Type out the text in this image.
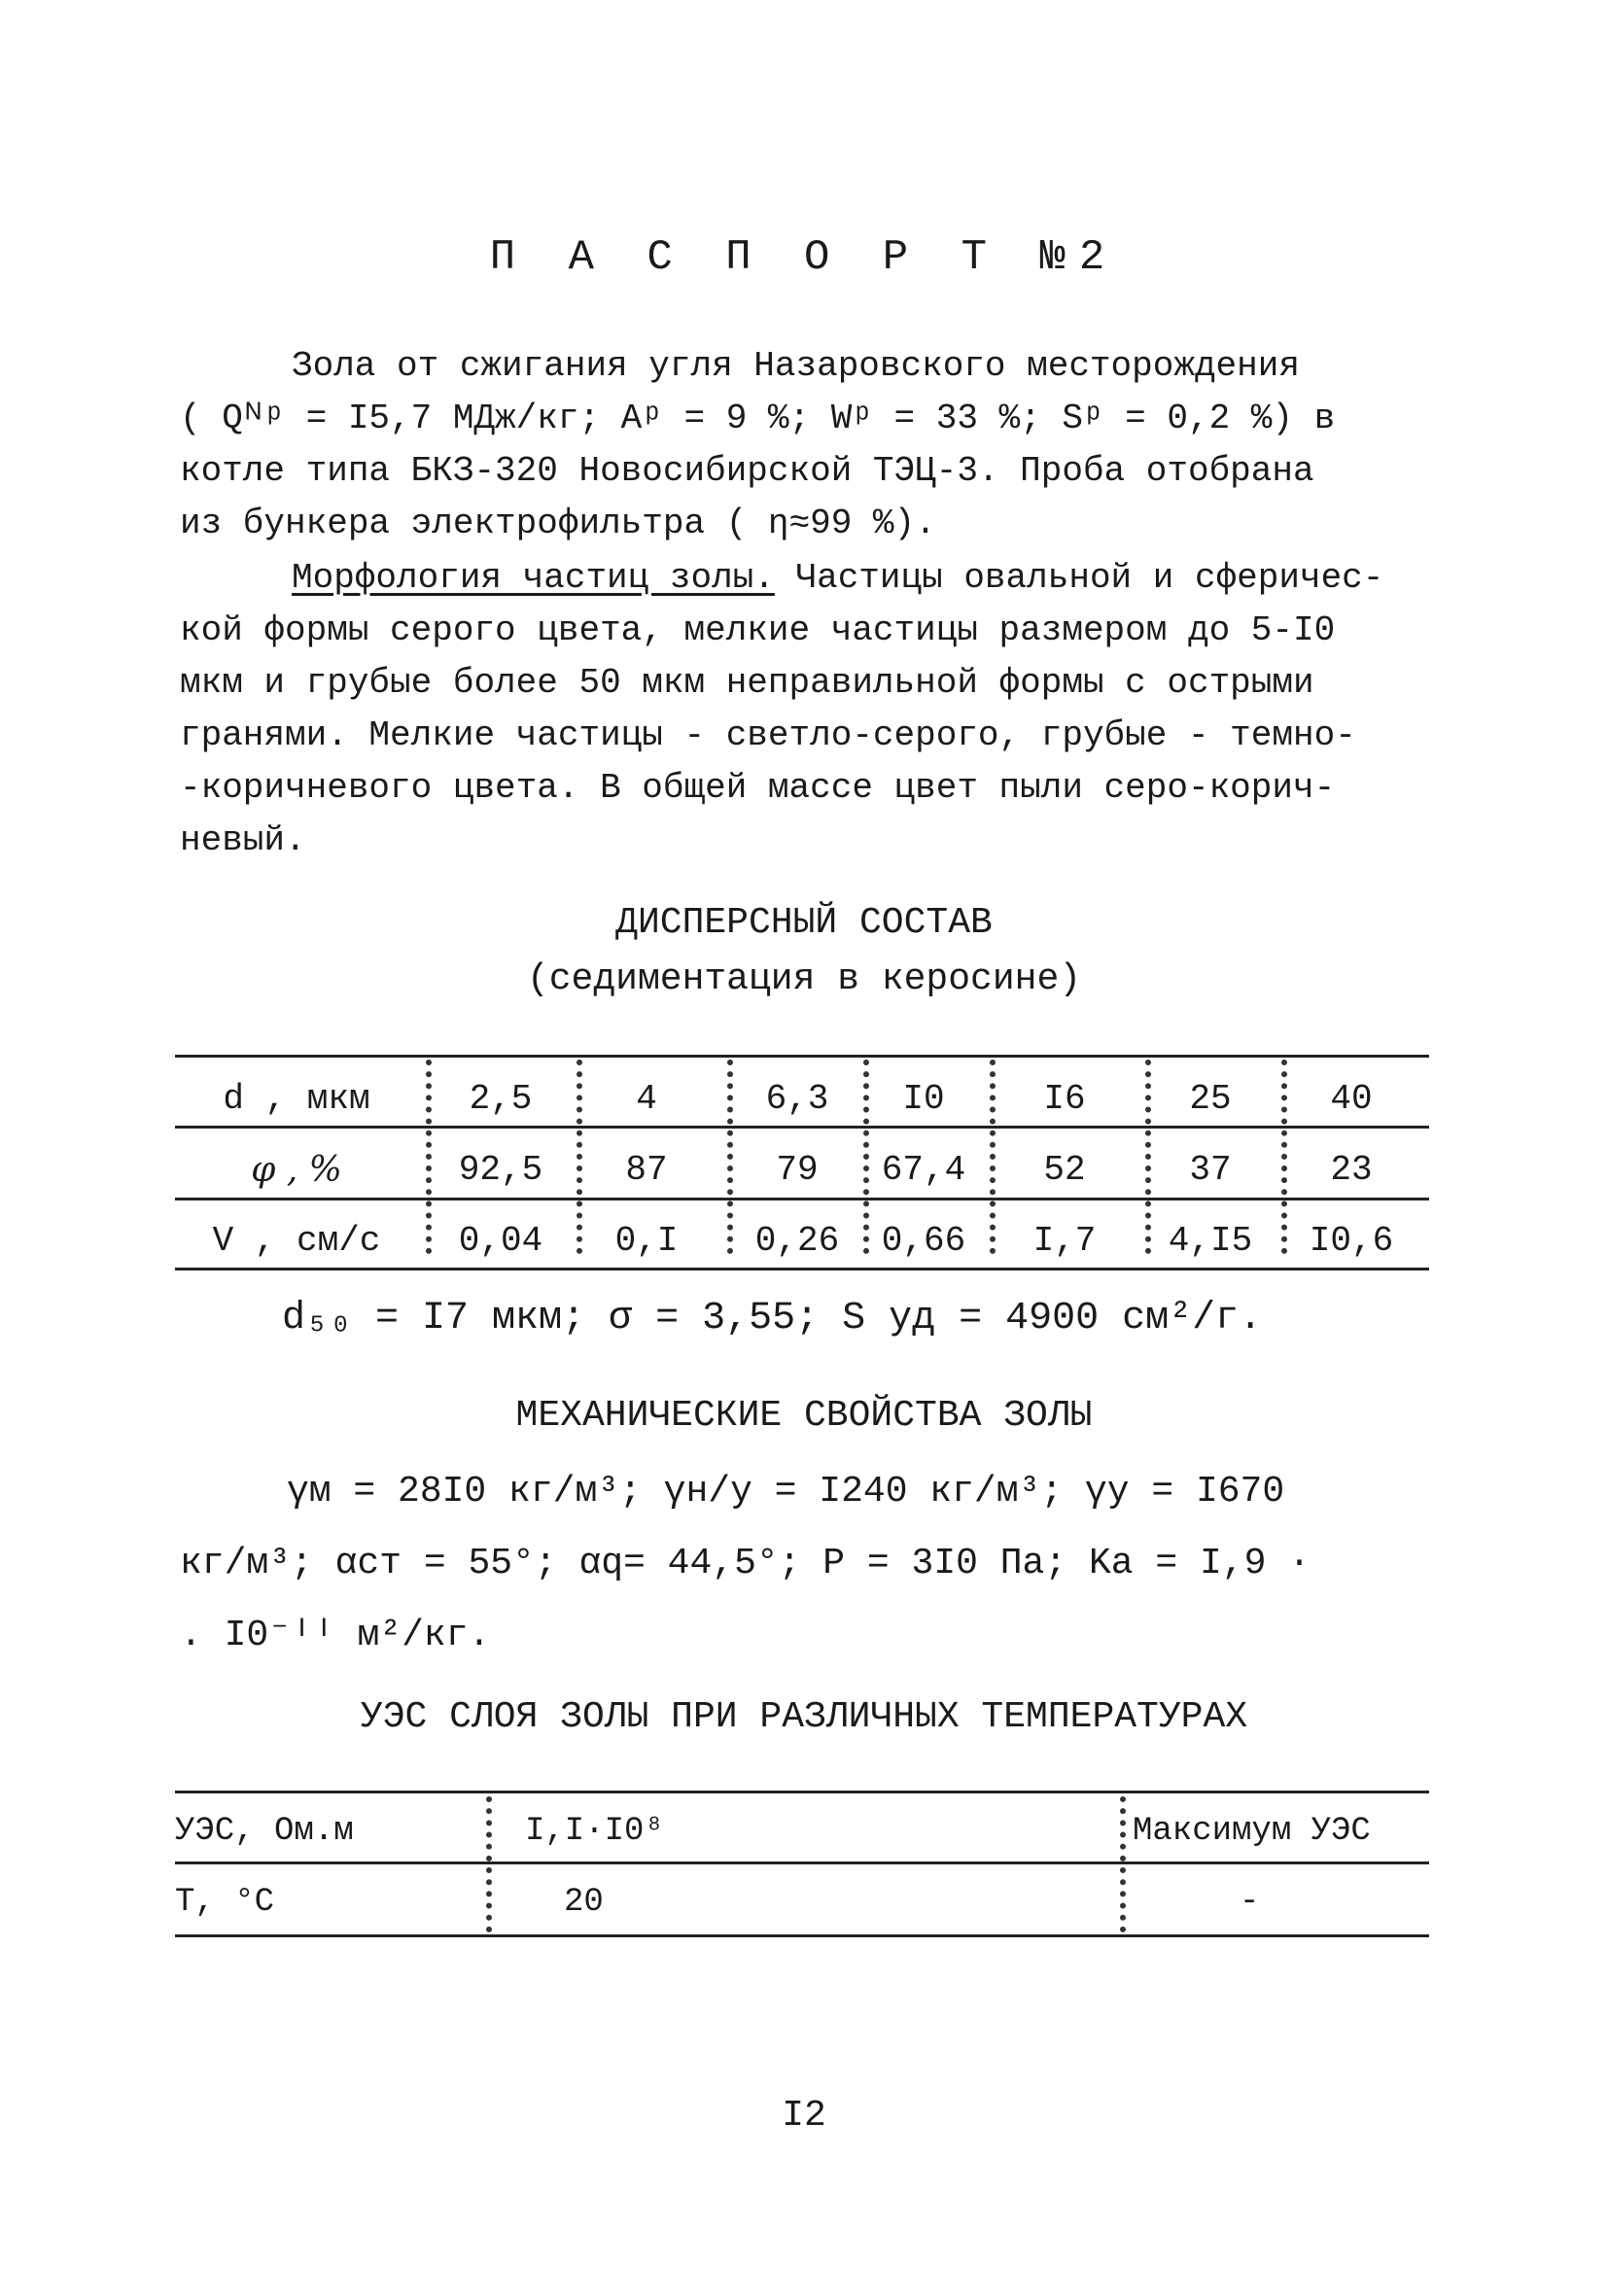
П А С П О Р Т №2
Зола от сжигания угля Назаровского месторождения
( Qᴺᵖ = I5,7 МДж/кг; Aᵖ = 9 %; Wᵖ = 33 %; Sᵖ = 0,2 %) в
котле типа БКЗ-320 Новосибирской ТЭЦ-3. Проба отобрана
из бункера электрофильтра ( η≈99 %).
Морфология частиц золы. Частицы овальной и сферичес-
кой формы серого цвета, мелкие частицы размером до 5-I0
мкм и грубые более 50 мкм неправильной формы с острыми
гранями. Мелкие частицы - светло-серого, грубые - темно-
-коричневого цвета. В общей массе цвет пыли серо-корич-
невый.
ДИСПЕРСНЫЙ СОСТАВ
(седиментация в керосине)
d , мкм	2,5	4	6,3	I0	I6	25	40
φ , %	92,5	87	79	67,4	52	37	23
V , см/с	0,04	0,I	0,26	0,66	I,7	4,I5	I0,6
d₅₀ = I7 мкм; σ = 3,55; S уд = 4900 см²/г.
МЕХАНИЧЕСКИЕ СВОЙСТВА ЗОЛЫ
γм = 28I0 кг/м³; γн/у = I240 кг/м³; γу = I670
кг/м³; αст = 55°; αq= 44,5°; P = 3I0 Па; Ka = I,9 ·
. I0⁻ᴵᴵ м²/кг.
УЭС СЛОЯ ЗОЛЫ ПРИ РАЗЛИЧНЫХ ТЕМПЕРАТУРАХ
УЭС, Ом.м	I,I·I0⁸	Максимум УЭС
T, °C	20	-
I2
